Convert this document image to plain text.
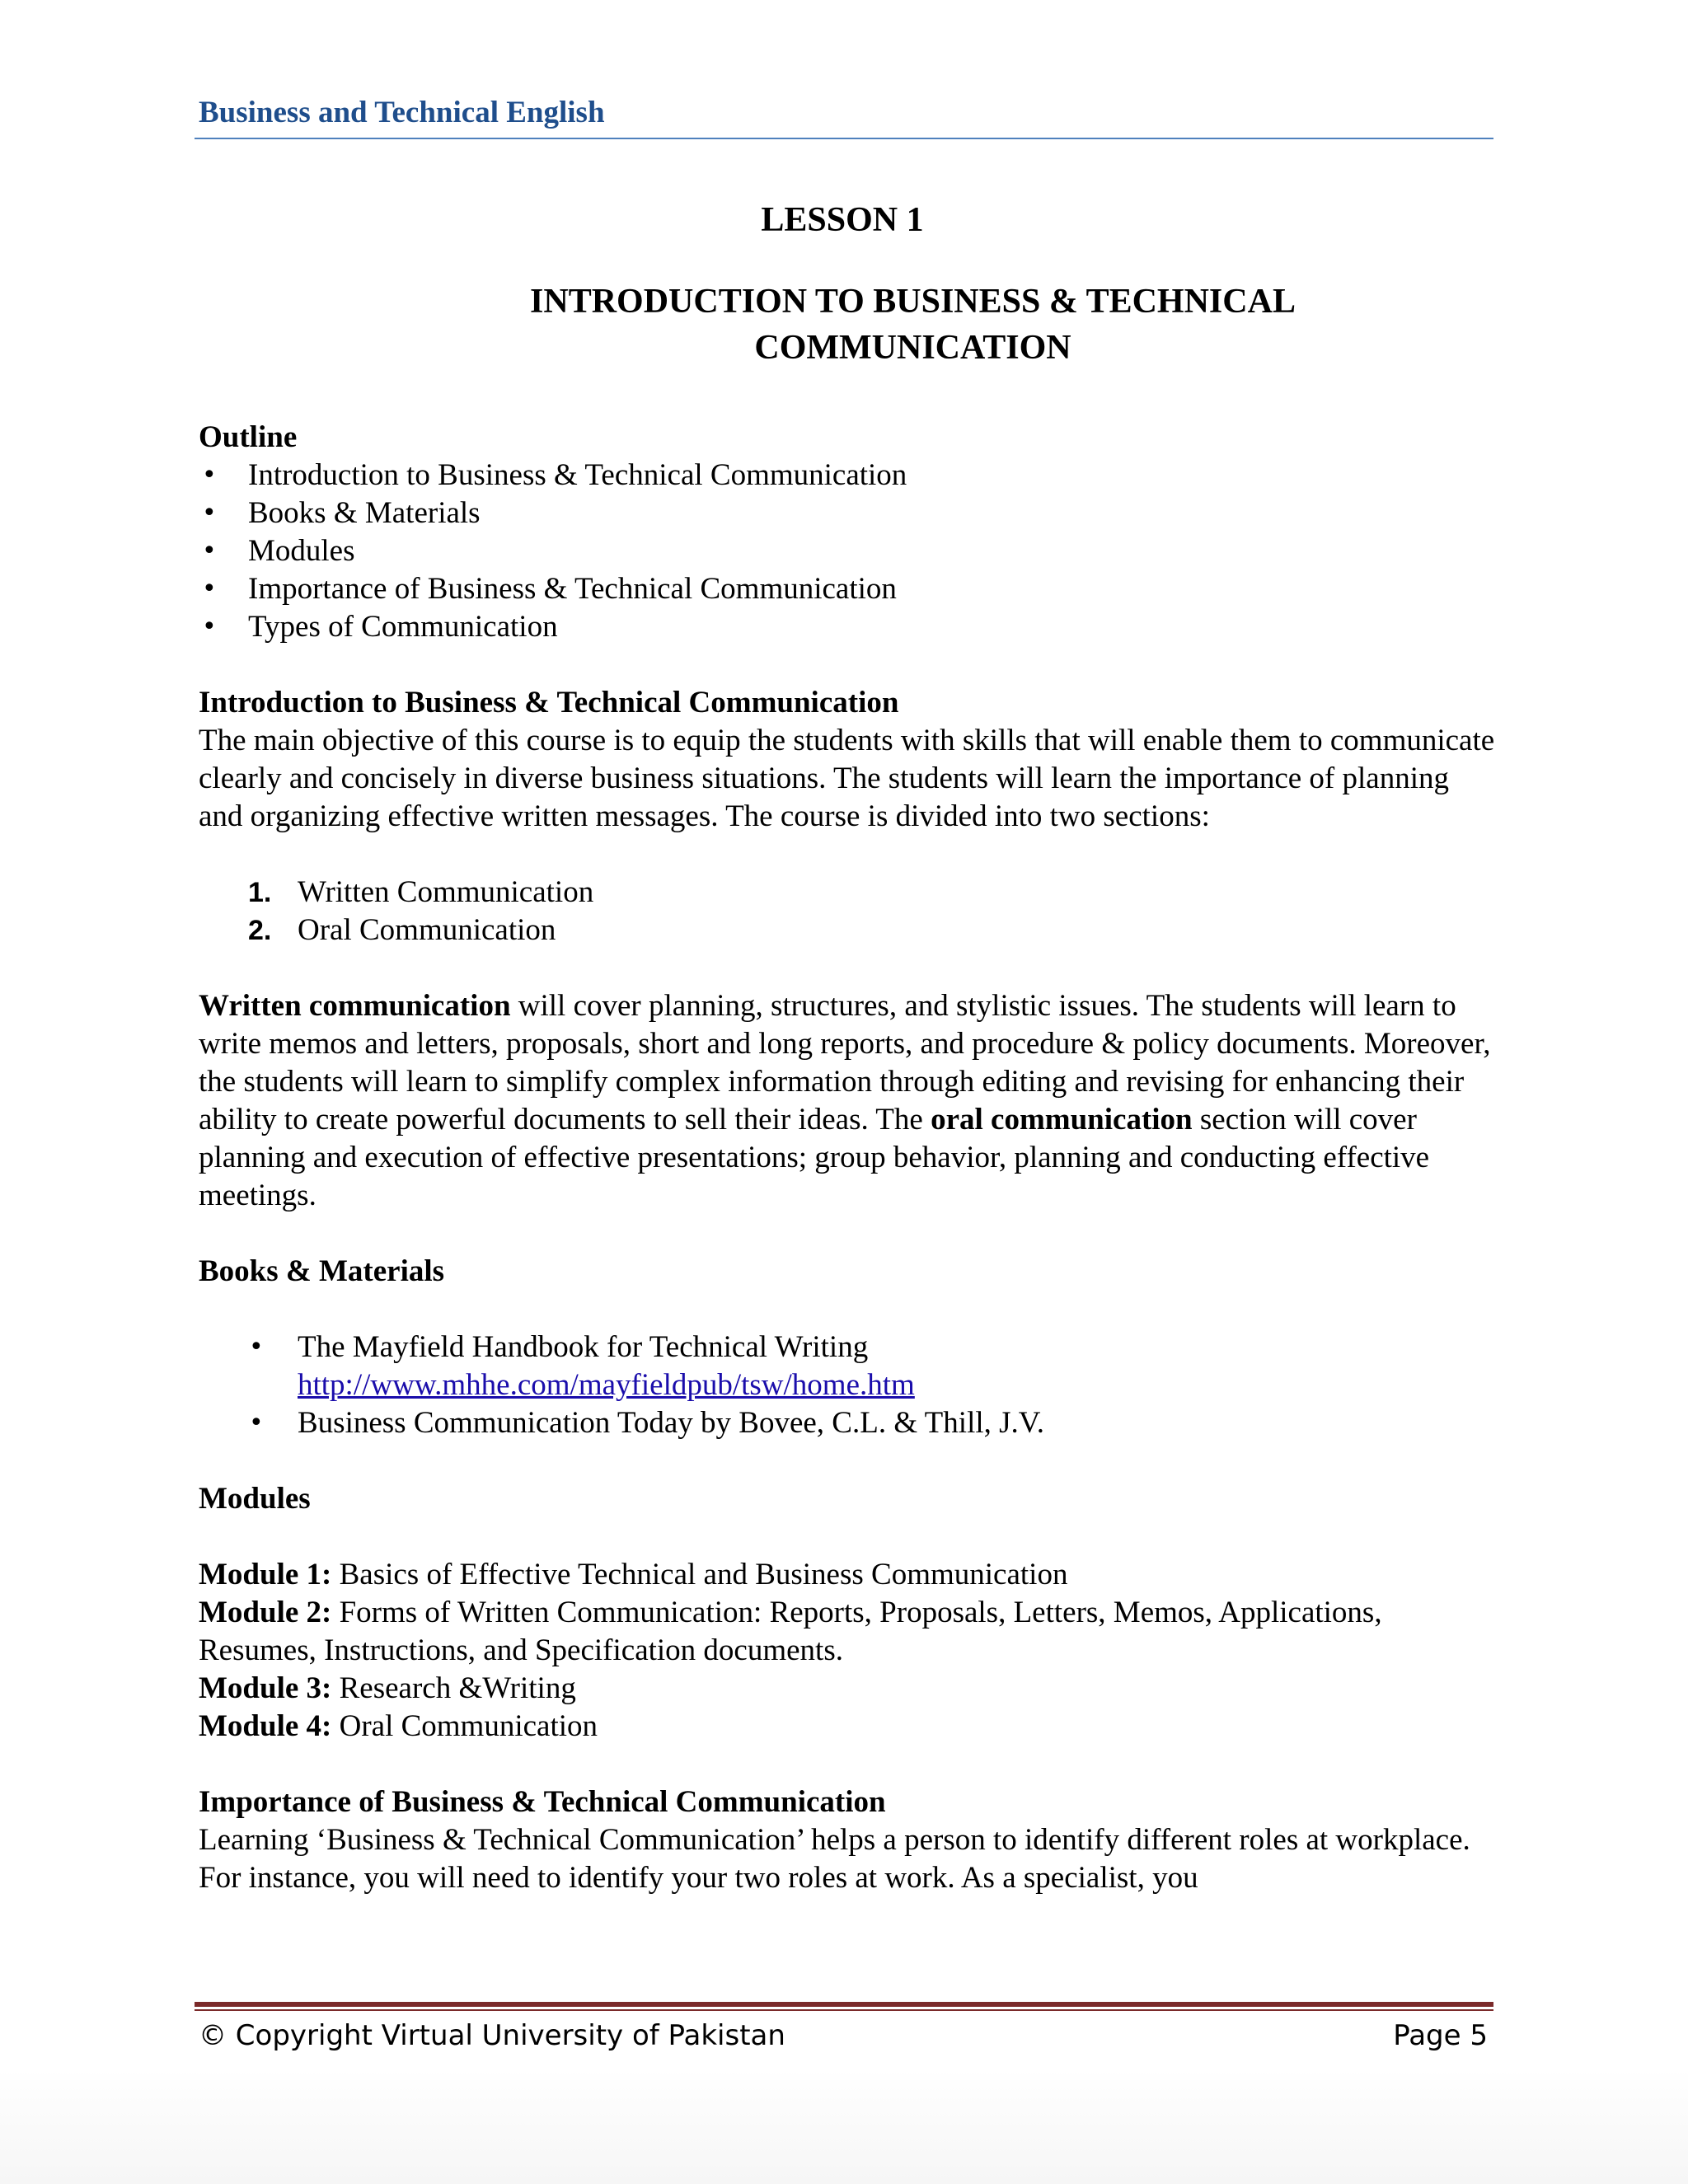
Business and Technical English
LESSON 1
INTRODUCTION TO BUSINESS & TECHNICAL
COMMUNICATION

Outline

• Introduction to Business & Technical Communication
• Books & Materials
• Modules
• Importance of Business & Technical Communication
• Types of Communication

Introduction to Business & Technical Communication

The main objective of this course is to equip the students with skills that will enable them to communicate clearly and concisely in diverse business situations. The students will learn the importance of planning and organizing effective written messages. The course is divided into two sections:

1. Written Communication
2. Oral Communication

Written communication will cover planning, structures, and stylistic issues. The students will learn to write memos and letters, proposals, short and long reports, and procedure & policy documents. Moreover, the students will learn to simplify complex information through editing and revising for enhancing their ability to create powerful documents to sell their ideas. The oral communication section will cover planning and execution of effective presentations; group behavior, planning and conducting effective meetings.

Books & Materials

• The Mayfield Handbook for Technical Writing
http://www.mhhe.com/mayfieldpub/tsw/home.htm
• Business Communication Today by Bovee, C.L. & Thill, J.V.

Modules

Module 1: Basics of Effective Technical and Business Communication

Module 2: Forms of Written Communication: Reports, Proposals, Letters, Memos, Applications, Resumes, Instructions, and Specification documents.

Module 3: Research &Writing

Module 4: Oral Communication

Importance of Business & Technical Communication

Learning ‘Business & Technical Communication’ helps a person to identify different roles at workplace. For instance, you will need to identify your two roles at work. As a specialist, you

© Copyright Virtual University of Pakistan	Page 5
